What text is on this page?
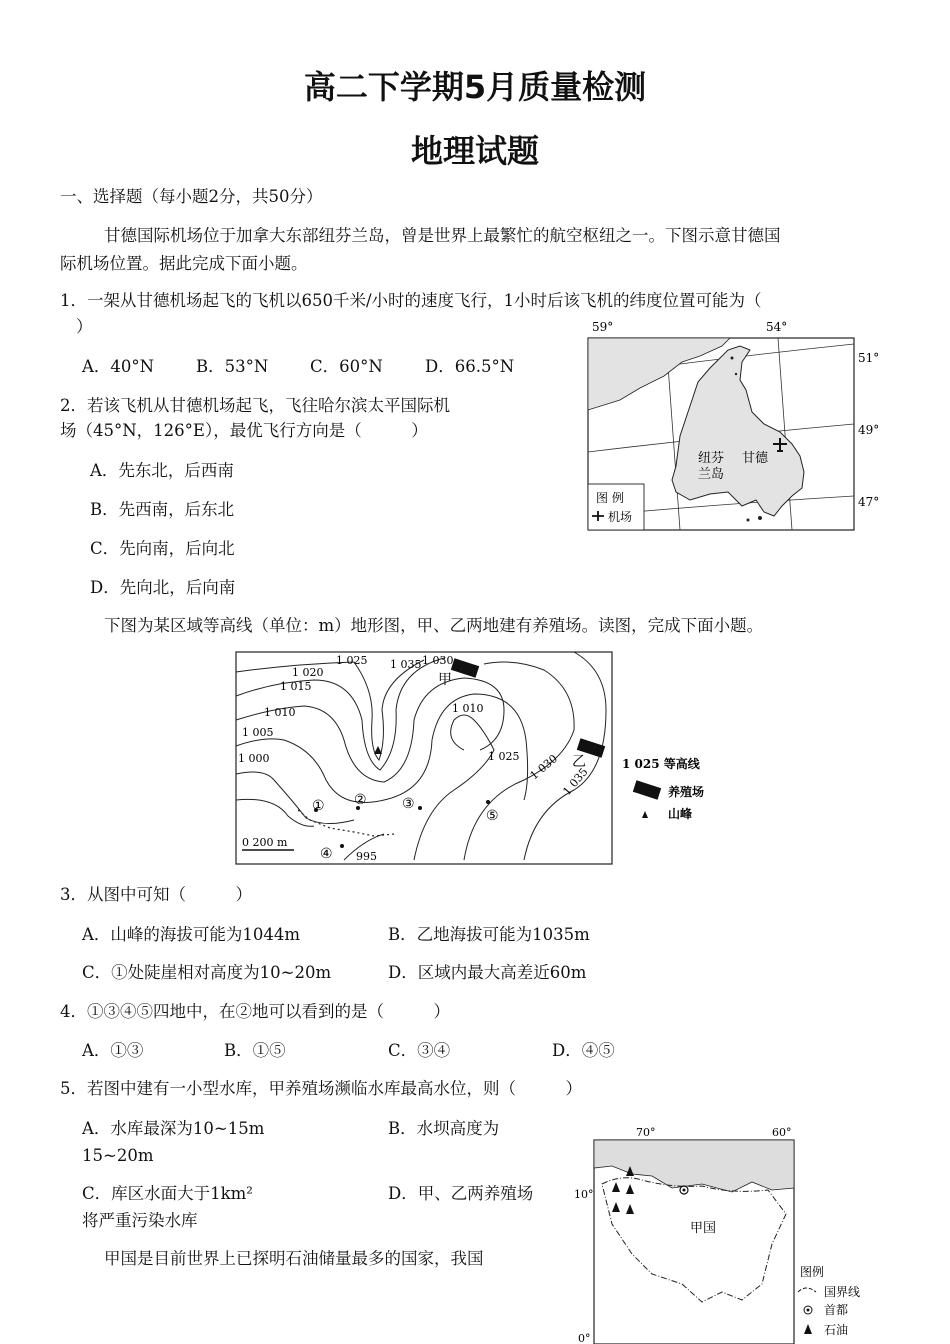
高二下学期5月质量检测
地理试题
一、选择题（每小题2分，共50分）
甘德国际机场位于加拿大东部纽芬兰岛，曾是世界上最繁忙的航空枢纽之一。下图示意甘德国
际机场位置。据此完成下面小题。
1．一架从甘德机场起飞的飞机以650千米/小时的速度飞行，1小时后该飞机的纬度位置可能为（
）
A．40°N	B．53°N	C．60°N	D．66.5°N
2．若该飞机从甘德机场起飞，飞往哈尔滨太平国际机
场（45°N，126°E），最优飞行方向是（　　　）
A．先东北，后西南
B．先西南，后东北
C．先向南，后向北
D．先向北，后向南
59°	54°
51°
49°
47°
纽芬
兰岛
甘德
图 例
机场
下图为某区域等高线（单位：m）地形图，甲、乙两地建有养殖场。读图，完成下面小题。
1 020
1 025 1 035 1 030
1 015
1 010
1 005
1 000
1 010
1 025 1 030 1 035
995
甲
乙
① ②	③
④
⑤
0 200 m
1 025 等高线
养殖场
山峰
3．从图中可知（　　　）
A．山峰的海拔可能为1044m	B．乙地海拔可能为1035m
C．①处陡崖相对高度为10~20m	D．区域内最大高差近60m
4．①③④⑤四地中，在②地可以看到的是（　　　）
A．①③	B．①⑤	C．③④	D．④⑤
5．若图中建有一小型水库，甲养殖场濒临水库最高水位，则（　　　）
A．水库最深为10~15m	B．水坝高度为
15~20m
C．库区水面大于1km²	D．甲、乙两养殖场
将严重污染水库
甲国是目前世界上已探明石油储量最多的国家，我国
70°	60°
10°
0°
甲国
图例
国界线
首都
石油
